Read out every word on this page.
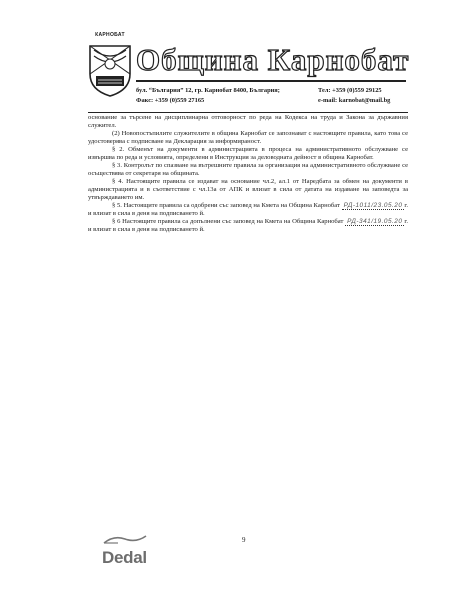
КАРНОБАТ
Община Карнобат
бул. “България” 12, гр. Карнобат 8400, България;	Тел: +359 (0)559 29125
Факс: +359 (0)559 27165	e-mail: karnobat@mail.bg

основание за търсене на дисциплинарна отговорност по реда на Кодекса на труда и Закона за държавния служител.

(2) Новопостъпилите служителите в община Карнобат се запознават с настоящите правила, като това се удостоверява с подписване на Декларация за информираност.

§ 2. Обменът на документи в администрацията в процеса на административното обслужване се извършва по реда и условията, определени в Инструкция за деловодната дейност в община Карнобат.

§ 3. Контролът по спазване на вътрешните правила за организация на административното обслужване се осъществява от секретаря на общината.

§ 4. Настоящите правила се издават на основание чл.2, ал.1 от Наредбата за обмен на документи в администрацията и в съответствие с чл.13а от АПК и влизат в сила от датата на издаване на заповедта за утвърждаването им.

§ 5. Настоящите правила са одобрени със заповед на Кмета на Община Карнобат РД-1011/23.05.20 г. и влизат в сила в деня на подписването й.

§ 6 Настоящите правила са допълнени със заповед на Кмета на Община Карнобат РД-341/19.05.20 г. и влизат в сила в деня на подписването й.

9
Dedal
